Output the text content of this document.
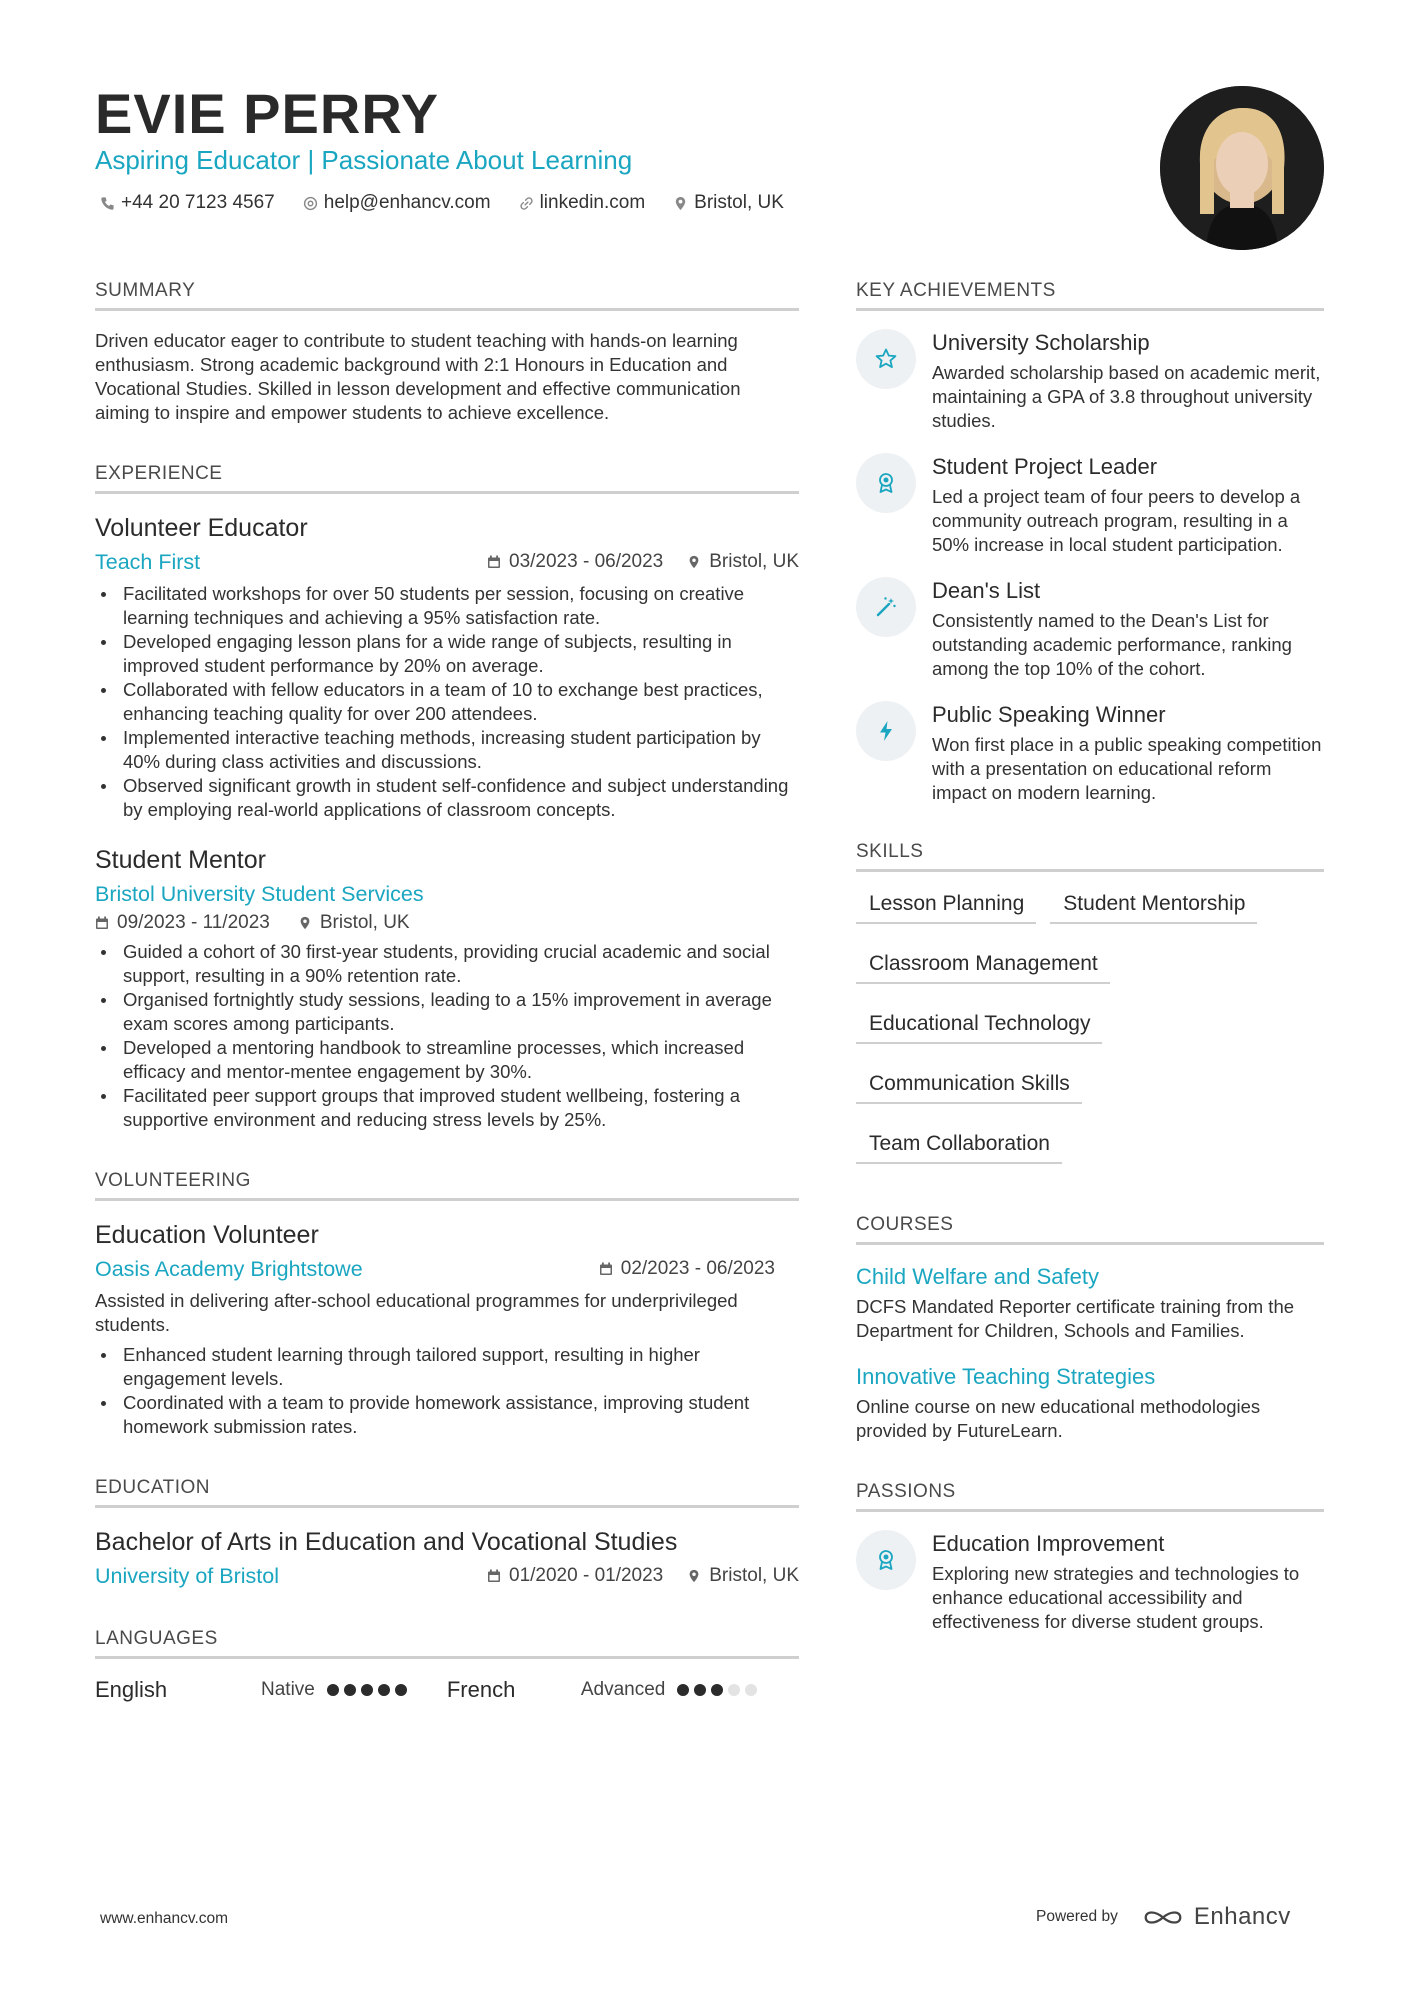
EVIE PERRY
Aspiring Educator | Passionate About Learning
+44 20 7123 4567	help@enhancv.com	linkedin.com	Bristol, UK
SUMMARY

Driven educator eager to contribute to student teaching with hands-on learning enthusiasm. Strong academic background with 2:1 Honours in Education and Vocational Studies. Skilled in lesson development and effective communication aiming to inspire and empower students to achieve excellence.

EXPERIENCE
Volunteer Educator
Teach First	03/2023 - 06/2023 Bristol, UK
Facilitated workshops for over 50 students per session, focusing on creative learning techniques and achieving a 95% satisfaction rate.
Developed engaging lesson plans for a wide range of subjects, resulting in improved student performance by 20% on average.
Collaborated with fellow educators in a team of 10 to exchange best practices, enhancing teaching quality for over 200 attendees.
Implemented interactive teaching methods, increasing student participation by 40% during class activities and discussions.
Observed significant growth in student self-confidence and subject understanding by employing real-world applications of classroom concepts.
Student Mentor
Bristol University Student Services
09/2023 - 11/2023	Bristol, UK
Guided a cohort of 30 first-year students, providing crucial academic and social support, resulting in a 90% retention rate.
Organised fortnightly study sessions, leading to a 15% improvement in average exam scores among participants.
Developed a mentoring handbook to streamline processes, which increased efficacy and mentor-mentee engagement by 30%.
Facilitated peer support groups that improved student wellbeing, fostering a supportive environment and reducing stress levels by 25%.
VOLUNTEERING
Education Volunteer
Oasis Academy Brightstowe	02/2023 - 06/2023

Assisted in delivering after-school educational programmes for underprivileged students.

Enhanced student learning through tailored support, resulting in higher engagement levels.
Coordinated with a team to provide homework assistance, improving student homework submission rates.
EDUCATION
Bachelor of Arts in Education and Vocational Studies
University of Bristol	01/2020 - 01/2023 Bristol, UK
LANGUAGES
English	Native	French	Advanced
KEY ACHIEVEMENTS
University Scholarship
Awarded scholarship based on academic merit, maintaining a GPA of 3.8 throughout university studies.
Student Project Leader
Led a project team of four peers to develop a community outreach program, resulting in a 50% increase in local student participation.
Dean's List
Consistently named to the Dean's List for outstanding academic performance, ranking among the top 10% of the cohort.
Public Speaking Winner
Won first place in a public speaking competition with a presentation on educational reform impact on modern learning.
SKILLS
Lesson Planning	Student Mentorship
Classroom Management
Educational Technology
Communication Skills
Team Collaboration
COURSES
Child Welfare and Safety
DCFS Mandated Reporter certificate training from the Department for Children, Schools and Families.
Innovative Teaching Strategies
Online course on new educational methodologies provided by FutureLearn.
PASSIONS
Education Improvement
Exploring new strategies and technologies to enhance educational accessibility and effectiveness for diverse student groups.
www.enhancv.com	Powered by	Enhancv
